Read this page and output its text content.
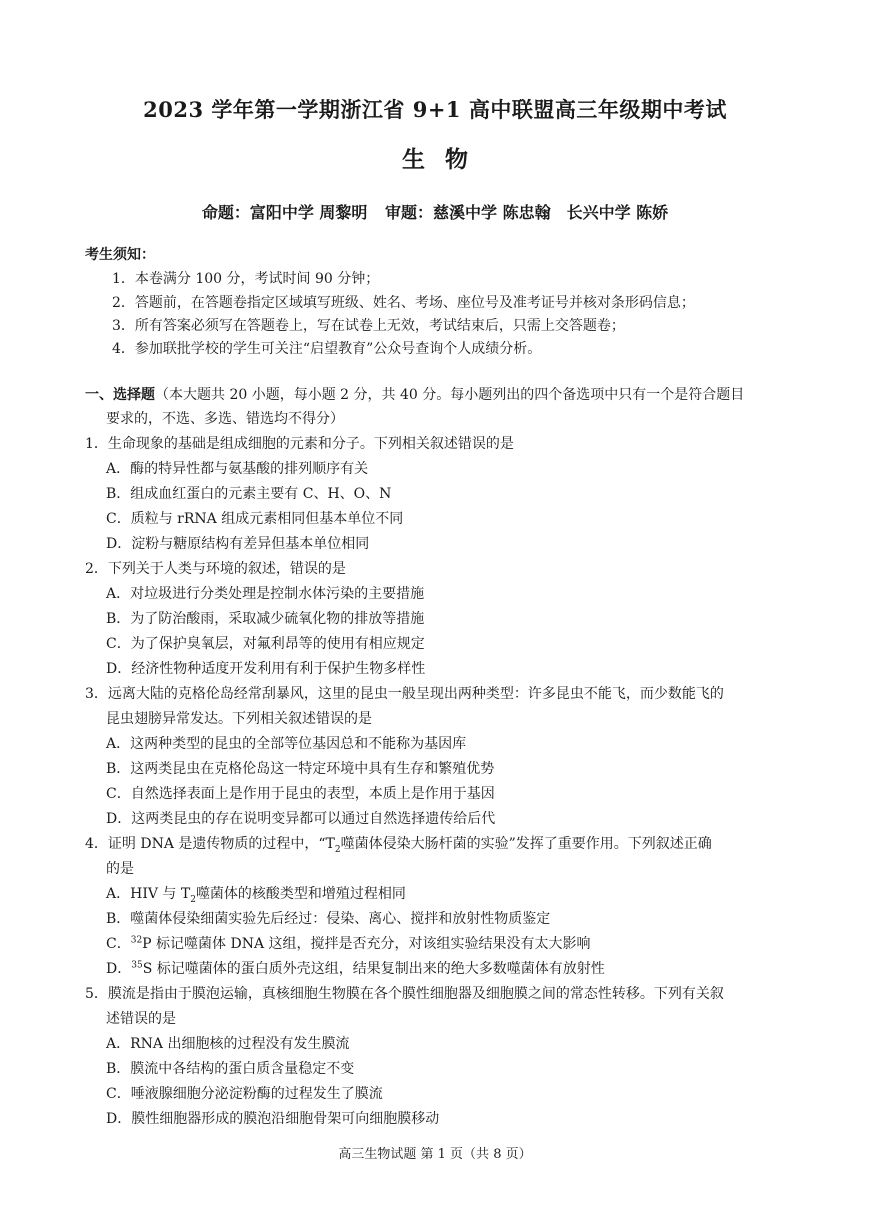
2023 学年第一学期浙江省 9+1 高中联盟高三年级期中考试
生物
命题：富阳中学 周黎明 审题：慈溪中学 陈忠翰　长兴中学 陈娇
考生须知：
1．本卷满分 100 分，考试时间 90 分钟；
2．答题前，在答题卷指定区域填写班级、姓名、考场、座位号及准考证号并核对条形码信息；
3．所有答案必须写在答题卷上，写在试卷上无效，考试结束后，只需上交答题卷；
4．参加联批学校的学生可关注“启望教育”公众号查询个人成绩分析。
一、选择题（本大题共 20 小题，每小题 2 分，共 40 分。每小题列出的四个备选项中只有一个是符合题目
要求的，不选、多选、错选均不得分）
1．生命现象的基础是组成细胞的元素和分子。下列相关叙述错误的是
A．酶的特异性都与氨基酸的排列顺序有关
B．组成血红蛋白的元素主要有 C、H、O、N
C．质粒与 rRNA 组成元素相同但基本单位不同
D．淀粉与糖原结构有差异但基本单位相同
2．下列关于人类与环境的叙述，错误的是
A．对垃圾进行分类处理是控制水体污染的主要措施
B．为了防治酸雨，采取减少硫氧化物的排放等措施
C．为了保护臭氧层，对氟利昂等的使用有相应规定
D．经济性物种适度开发利用有利于保护生物多样性
3．远离大陆的克格伦岛经常刮暴风，这里的昆虫一般呈现出两种类型：许多昆虫不能飞，而少数能飞的
昆虫翅膀异常发达。下列相关叙述错误的是
A．这两种类型的昆虫的全部等位基因总和不能称为基因库
B．这两类昆虫在克格伦岛这一特定环境中具有生存和繁殖优势
C．自然选择表面上是作用于昆虫的表型，本质上是作用于基因
D．这两类昆虫的存在说明变异都可以通过自然选择遗传给后代
4．证明 DNA 是遗传物质的过程中，“$T_2$噬菌体侵染大肠杆菌的实验”发挥了重要作用。下列叙述正确
的是
A．HIV 与 $T_2$噬菌体的核酸类型和增殖过程相同
B．噬菌体侵染细菌实验先后经过：侵染、离心、搅拌和放射性物质鉴定
C．$^{32}$P 标记噬菌体 DNA 这组，搅拌是否充分，对该组实验结果没有太大影响
D．$^{35}$S 标记噬菌体的蛋白质外壳这组，结果复制出来的绝大多数噬菌体有放射性
5．膜流是指由于膜泡运输，真核细胞生物膜在各个膜性细胞器及细胞膜之间的常态性转移。下列有关叙
述错误的是
A．RNA 出细胞核的过程没有发生膜流
B．膜流中各结构的蛋白质含量稳定不变
C．唾液腺细胞分泌淀粉酶的过程发生了膜流
D．膜性细胞器形成的膜泡沿细胞骨架可向细胞膜移动
高三生物试题 第 1 页（共 8 页）
